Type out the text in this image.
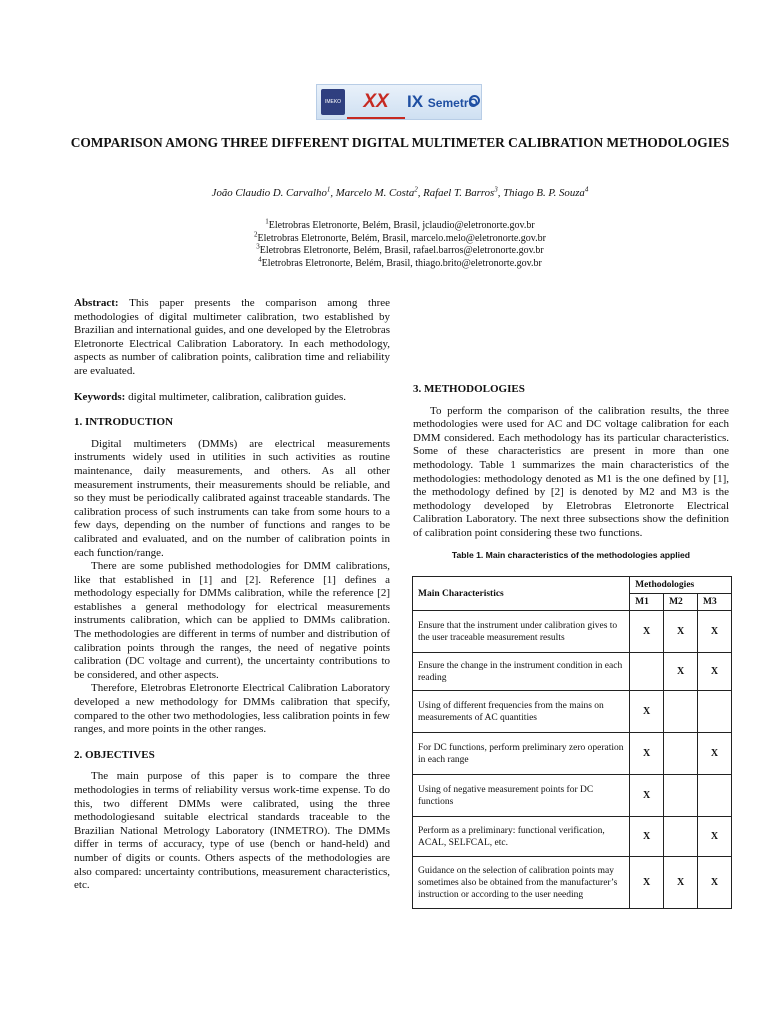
IMEKO	XX	IX SemetrO
COMPARISON AMONG THREE DIFFERENT DIGITAL MULTIMETER CALIBRATION METHODOLOGIES
João Claudio D. Carvalho$^1$, Marcelo M. Costa$^2$, Rafael T. Barros$^3$, Thiago B. P. Souza$^4$
$^1$Eletrobras Eletronorte, Belém, Brasil, jclaudio@eletronorte.gov.br
$^2$Eletrobras Eletronorte, Belém, Brasil, marcelo.melo@eletronorte.gov.br
$^3$Eletrobras Eletronorte, Belém, Brasil, rafael.barros@eletronorte.gov.br
$^4$Eletrobras Eletronorte, Belém, Brasil, thiago.brito@eletronorte.gov.br

Abstract: This paper presents the comparison among three methodologies of digital multimeter calibration, two established by Brazilian and international guides, and one developed by the Eletrobras Eletronorte Electrical Calibration Laboratory. In each methodology, aspects as number of calibration points, calibration time and reliability are evaluated.

Keywords: digital multimeter, calibration, calibration guides.

1. INTRODUCTION

Digital multimeters (DMMs) are electrical measurements instruments widely used in utilities in such activities as routine maintenance, daily measurements, and others. As all other measurement instruments, their measurements should be reliable, and so they must be periodically calibrated against traceable standards. The calibration process of such instruments can take from some hours to a few days, depending on the number of functions and ranges to be calibrated and evaluated, and on the number of calibration points in each function/range.

There are some published methodologies for DMM calibrations, like that established in [1] and [2]. Reference [1] defines a methodology especially for DMMs calibration, while the reference [2] establishes a general methodology for electrical measurements instruments calibration, which can be applied to DMMs calibration. The methodologies are different in terms of number and distribution of calibration points through the ranges, the need of negative points calibration (DC voltage and current), the uncertainty contributions to be considered, and other aspects.

Therefore, Eletrobras Eletronorte Electrical Calibration Laboratory developed a new methodology for DMMs calibration that specify, compared to the other two methodologies, less calibration points in few ranges, and more points in the other ranges.

2. OBJECTIVES

The main purpose of this paper is to compare the three methodologies in terms of reliability versus work-time expense. To do this, two different DMMs were calibrated, using the three methodologiesand suitable electrical standards traceable to the Brazilian National Metrology Laboratory (INMETRO). The DMMs differ in terms of accuracy, type of use (bench or hand-held) and number of digits or counts. Others aspects of the methodologies are also compared: uncertainty contributions, measurement characteristics, etc.

3. METHODOLOGIES

To perform the comparison of the calibration results, the three methodologies were used for AC and DC voltage calibration for each DMM considered. Each methodology has its particular characteristics. Some of these characteristics are present in more than one methodology. Table 1 summarizes the main characteristics of the methodologies: methodology denoted as M1 is the one defined by [1], the methodology defined by [2] is denoted by M2 and M3 is the methodology developed by Eletrobras Eletronorte Electrical Calibration Laboratory. The next three subsections show the definition of calibration point considering these two functions.

Table 1. Main characteristics of the methodologies applied
Main Characteristics	Methodologies		
	M1	M2	M3
Ensure that the instrument under calibration gives to the user traceable measurement results	X	X	X
Ensure the change in the instrument condition in each reading		X	X
Using of different frequencies from the mains on measurements of AC quantities	X		
For DC functions, perform preliminary zero operation in each range	X		X
Using of negative measurement points for DC functions	X		
Perform as a preliminary: functional verification, ACAL, SELFCAL, etc.	X		X
Guidance on the selection of calibration points may sometimes also be obtained from the manufacturer’s instruction or according to the user needing	X	X	X
